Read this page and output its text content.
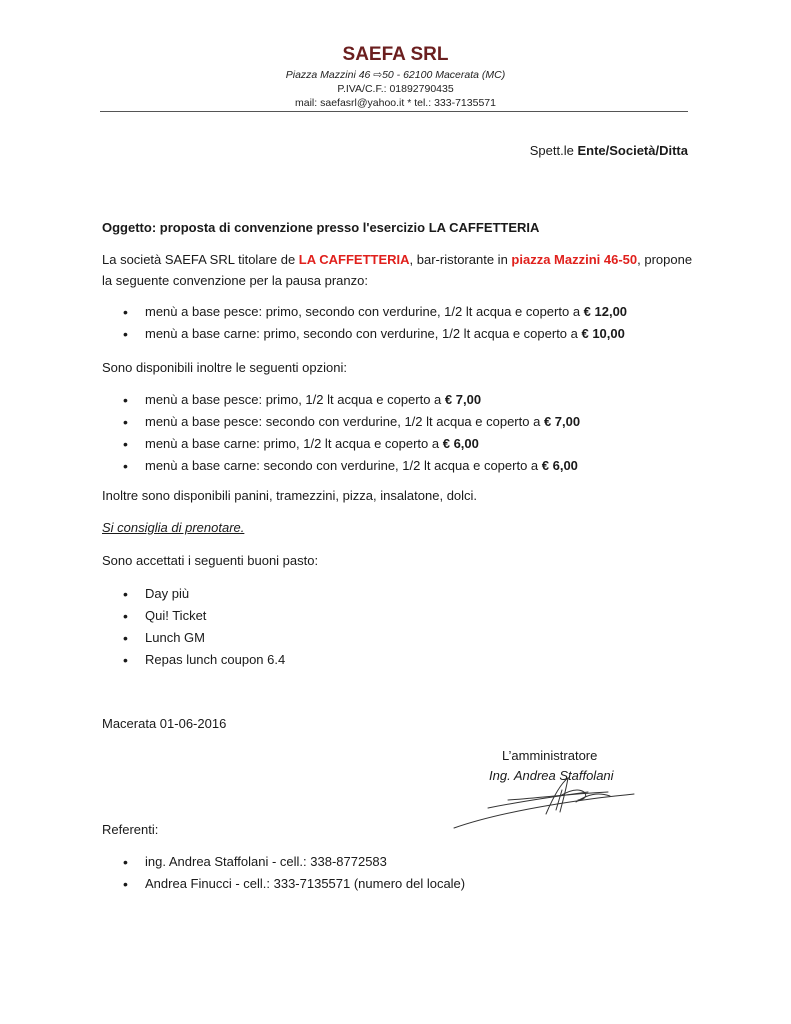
SAEFA SRL
Piazza Mazzini 46 ⇨50 - 62100 Macerata (MC)
P.IVA/C.F.: 01892790435
mail: saefasrl@yahoo.it * tel.: 333-7135571
Spett.le Ente/Società/Ditta
Oggetto: proposta di convenzione presso l'esercizio LA CAFFETTERIA
La società SAEFA SRL titolare de LA CAFFETTERIA, bar-ristorante in piazza Mazzini 46-50, propone
la seguente convenzione per la pausa pranzo:
• menù a base pesce: primo, secondo con verdurine, 1/2 lt acqua e coperto a € 12,00
• menù a base carne: primo, secondo con verdurine, 1/2 lt acqua e coperto a € 10,00
Sono disponibili inoltre le seguenti opzioni:
• menù a base pesce: primo, 1/2 lt acqua e coperto a € 7,00
• menù a base pesce: secondo con verdurine, 1/2 lt acqua e coperto a € 7,00
• menù a base carne: primo, 1/2 lt acqua e coperto a € 6,00
• menù a base carne: secondo con verdurine, 1/2 lt acqua e coperto a € 6,00
Inoltre sono disponibili panini, tramezzini, pizza, insalatone, dolci.
Si consiglia di prenotare.
Sono accettati i seguenti buoni pasto:
• Day più
• Qui! Ticket
• Lunch GM
• Repas lunch coupon 6.4
Macerata 01-06-2016
L’amministratore
Ing. Andrea Staffolani
Referenti:
• ing. Andrea Staffolani - cell.: 338-8772583
• Andrea Finucci - cell.: 333-7135571 (numero del locale)
